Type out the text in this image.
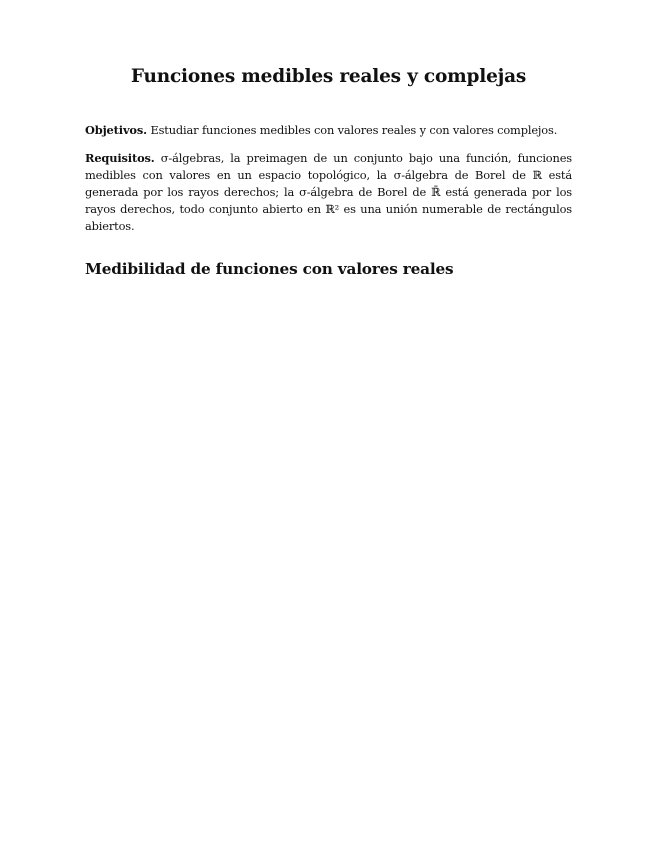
Funciones medibles reales y complejas
Objetivos. Estudiar funciones medibles con valores reales y con valores complejos.
Requisitos. σ-álgebras, la preimagen de un conjunto bajo una función, funciones medibles con valores en un espacio topológico, la σ-álgebra de Borel de ℝ está generada por los rayos derechos; la σ-álgebra de Borel de ℝ̄ está generada por los rayos derechos, todo conjunto abierto en ℝ² es una unión numerable de rectángulos abiertos.
Medibilidad de funciones con valores reales
